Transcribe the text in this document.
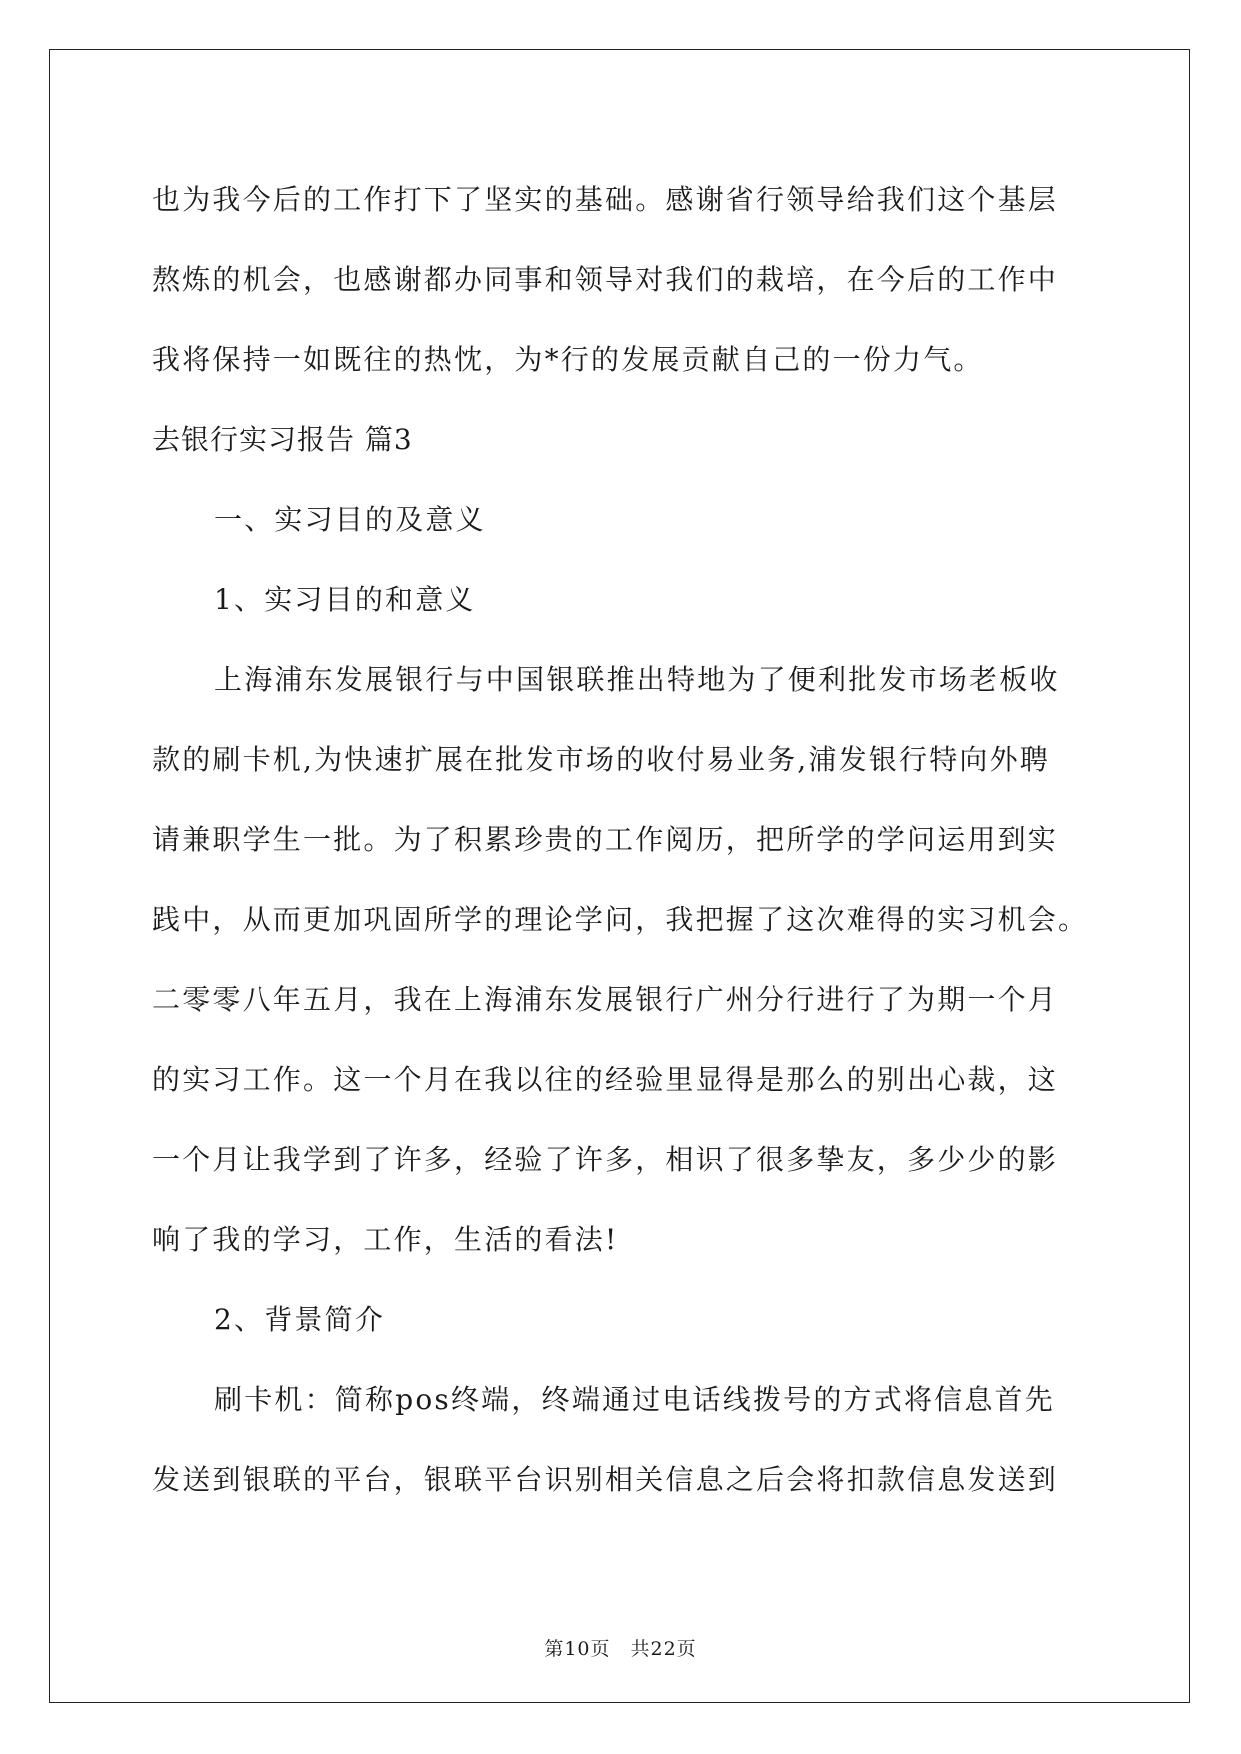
也为我今后的工作打下了坚实的基础。感谢省行领导给我们这个基层
熬炼的机会，也感谢都办同事和领导对我们的栽培，在今后的工作中
我将保持一如既往的热忱，为*行的发展贡献自己的一份力气。
去银行实习报告 篇3
一、实习目的及意义
1、实习目的和意义
上海浦东发展银行与中国银联推出特地为了便利批发市场老板收
款的刷卡机,为快速扩展在批发市场的收付易业务,浦发银行特向外聘
请兼职学生一批。为了积累珍贵的工作阅历，把所学的学问运用到实
践中，从而更加巩固所学的理论学问，我把握了这次难得的实习机会。
二零零八年五月，我在上海浦东发展银行广州分行进行了为期一个月
的实习工作。这一个月在我以往的经验里显得是那么的别出心裁，这
一个月让我学到了许多，经验了许多，相识了很多挚友，多少少的影
响了我的学习，工作，生活的看法!
2、背景简介
刷卡机：简称pos终端，终端通过电话线拨号的方式将信息首先
发送到银联的平台，银联平台识别相关信息之后会将扣款信息发送到
第10页　共22页
